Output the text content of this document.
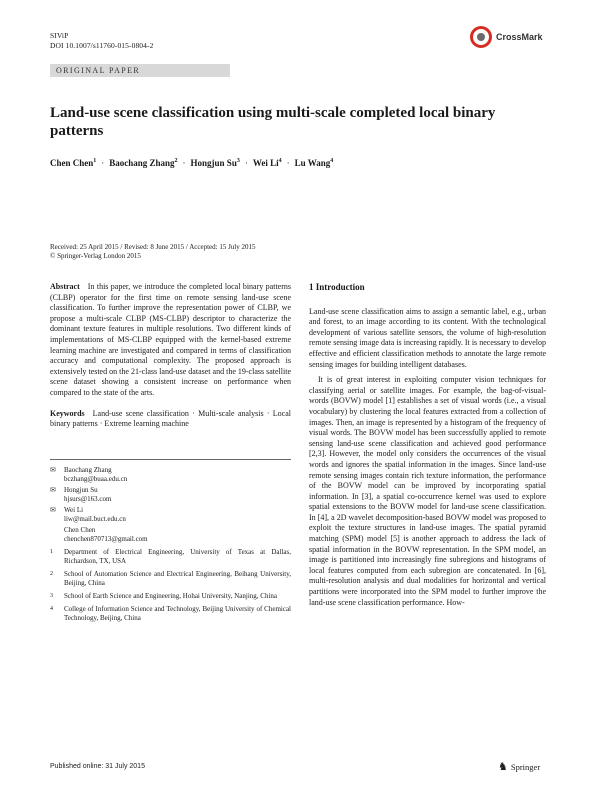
SIViP
DOI 10.1007/s11760-015-0804-2
CrossMark
ORIGINAL PAPER
Land-use scene classification using multi-scale completed local binary patterns
Chen Chen$^1$ · Baochang Zhang$^2$ · Hongjun $Su^3$ · Wei $Li^4 \cdot Lu$ Wang$^4$
Received: 25 April 2015 / Revised: 8 June 2015 / Accepted: 15 July 2015
© Springer-Verlag London 2015

Abstract In this paper, we introduce the completed local binary patterns (CLBP) operator for the first time on remote sensing land-use scene classification. To further improve the representation power of CLBP, we propose a multi-scale CLBP (MS-CLBP) descriptor to characterize the dominant texture features in multiple resolutions. Two different kinds of implementations of MS-CLBP equipped with the kernel-based extreme learning machine are investigated and compared in terms of classification accuracy and computational complexity. The proposed approach is extensively tested on the 21-class land-use dataset and the 19-class satellite scene dataset showing a consistent increase on performance when compared to the state of the arts.

Keywords Land-use scene classification · Multi-scale analysis · Local binary patterns · Extreme learning machine

✉	Baochang Zhang
bczhang@buaa.edu.cn
✉	Hongjun Su
hjsurs@163.com
✉	Wei Li
liw@mail.buct.edu.cn
Chen Chen
chenchen870713@gmail.com
1	Department of Electrical Engineering, University of Texas at Dallas, Richardson, TX, USA
2	School of Automation Science and Electrical Engineering, Beihang University, Beijing, China
3	School of Earth Science and Engineering, Hohai University, Nanjing, China
4	College of Information Science and Technology, Beijing University of Chemical Technology, Beijing, China
1 Introduction

Land-use scene classification aims to assign a semantic label, e.g., urban and forest, to an image according to its content. With the technological development of various satellite sensors, the volume of high-resolution remote sensing image data is increasing rapidly. It is necessary to develop effective and efficient classification methods to annotate the large remote sensing images for building intelligent databases.

It is of great interest in exploiting computer vision techniques for classifying aerial or satellite images. For example, the bag-of-visual-words (BOVW) model [1] establishes a set of visual words (i.e., a visual vocabulary) by clustering the local features extracted from a collection of images. Then, an image is represented by a histogram of the frequency of visual words. The BOVW model has been successfully applied to remote sensing land-use scene classification and achieved good performance [2,3]. However, the model only considers the occurrences of the visual words and ignores the spatial information in the images. Since land-use remote sensing images contain rich texture information, the performance of the BOVW model can be improved by incorporating spatial information. In [3], a spatial co-occurrence kernel was used to explore spatial extensions to the BOVW model for land-use scene classification. In [4], a 2D wavelet decomposition-based BOVW model was proposed to exploit the texture structures in land-use images. The spatial pyramid matching (SPM) model [5] is another approach to address the lack of spatial information in the BOVW representation. In the SPM model, an image is partitioned into increasingly fine subregions and histograms of local features computed from each subregion are concatenated. In [6], multi-resolution analysis and dual modalities for horizontal and vertical partitions were incorporated into the SPM model to further improve the land-use scene classification performance. How-

Published online: 31 July 2015	♞ Springer
